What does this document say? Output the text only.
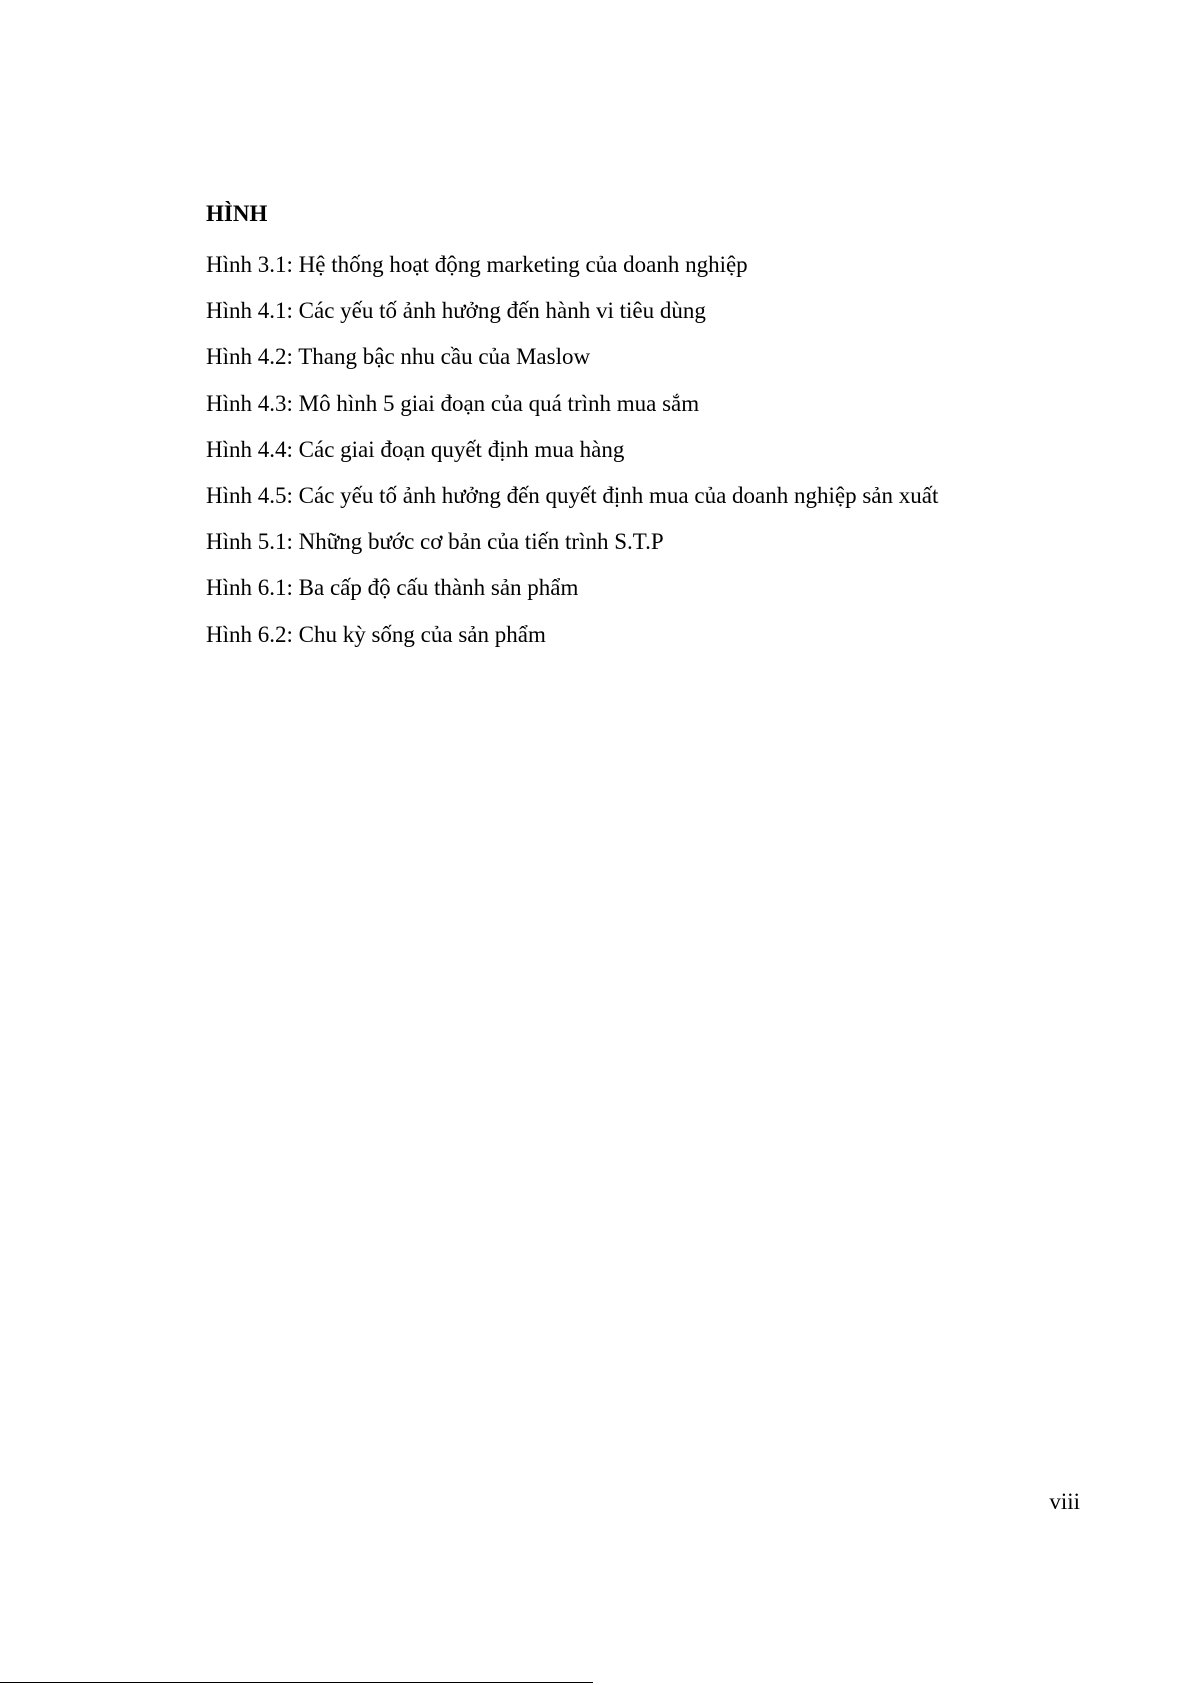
HÌNH
Hình 3.1: Hệ thống hoạt động marketing của doanh nghiệp
Hình 4.1: Các yếu tố ảnh hưởng đến hành vi tiêu dùng
Hình 4.2: Thang bậc nhu cầu của Maslow
Hình 4.3: Mô hình 5 giai đoạn của quá trình mua sắm
Hình 4.4: Các giai đoạn quyết định mua hàng
Hình 4.5: Các yếu tố ảnh hưởng đến quyết định mua của doanh nghiệp sản xuất
Hình 5.1: Những bước cơ bản của tiến trình S.T.P
Hình 6.1: Ba cấp độ cấu thành sản phẩm
Hình 6.2: Chu kỳ sống của sản phẩm
viii
